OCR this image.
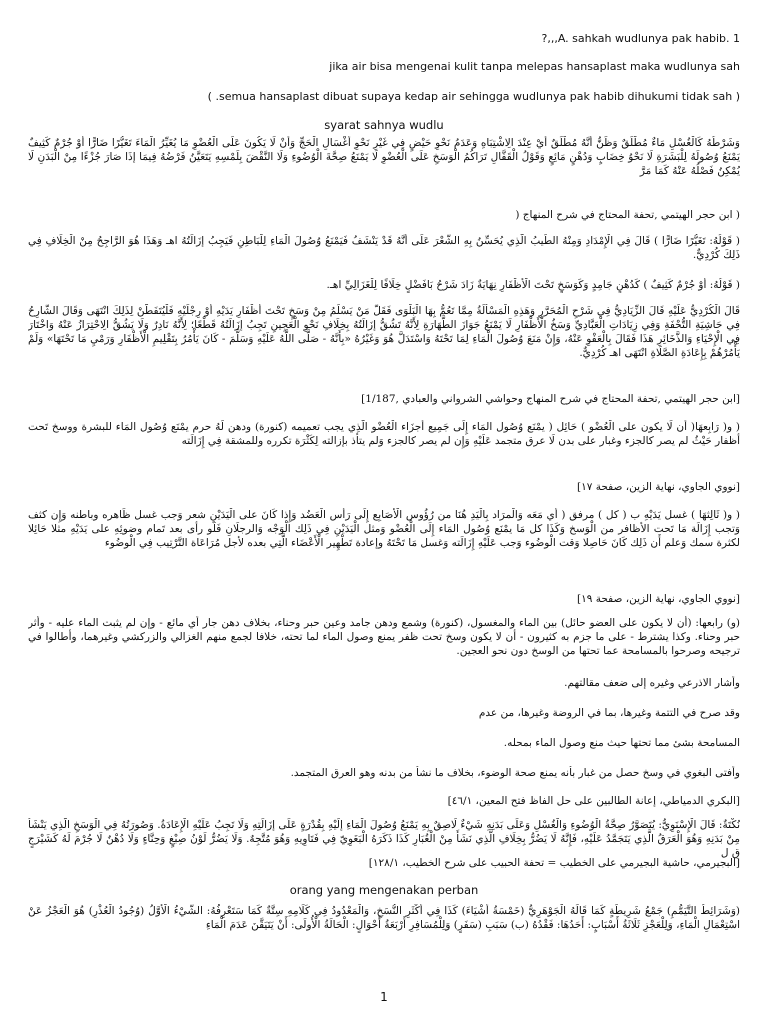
?,,,A. sahkah wudlunya pak habib. 1
jika air bisa mengenai kulit tanpa melepas hansaplast maka wudlunya sah
( .semua hansaplast dibuat supaya kedap air sehingga wudlunya pak habib dihukumi tidak sah )
syarat sahnya wudlu
وَشَرْطُهُ كَالْغُسْلِ مَاءٌ مُطْلَقٌ وَظَنُّ أَنَّهُ مُطْلَقٌ أَيْ عِنْدَ الِاشْتِبَاهِ وَعَدَمُ نَحْوِ حَيْضٍ فِي غَيْرِ نَحْوِ أَغْسَالِ الْحَجِّ وَأَنْ لَا يَكُونَ عَلَى الْعُضْوِ مَا يُغَيِّرُ الْمَاءَ تَغَيُّرًا ضَارًّا أَوْ جُرْمٌ كَثِيفٌ يَمْنَعُ وُصُولَهُ لِلْبَشَرَةِ لَا نَحْوُ خِضَابٍ وَدُهْنٍ مَائِعٍ وَقَوْلُ الْقَفَّالِ تَرَاكُمُ الْوَسَخِ عَلَى الْعُضْوِ لَا يَمْنَعُ صِحَّةَ الْوُضُوءِ وَلَا النَّقْضَ بِلَمْسِهِ يَتَعَيَّنُ فَرْضُهُ فِيمَا إذَا صَارَ جُزْءًا مِنْ الْبَدَنِ لَا يُمْكِنُ فَصْلُهُ عَنْهُ كَمَا مَرَّ
( ابن حجر الهيتمي ,تحفة المحتاج في شرح المنهاج (
( قَوْلُهُ: تَغَيُّرًا ضَارًّا ) قَالَ فِي الْإِمْدَادِ وَمِنْهُ الطِّيبُ الَّذِي يُحَسِّنُ بِهِ الشَّعْرَ عَلَى أَنَّهُ قَدْ يَنْشَفُ فَيَمْنَعُ وُصُولَ الْمَاءِ لِلْبَاطِنِ فَيَجِبُ إزَالَتُهُ اهـ وَهَذَا هُوَ الرَّاجِحُ مِنْ الْخِلَافِ فِي ذَلِكَ كُرْدِيٌّ.
( قَوْلُهُ: أَوْ جُرْمٌ كَثِيفٌ ) كَدُهْنٍ جَامِدٍ وَكَوَسَخٍ تَحْتَ الْأَظْفَارِ نِهَايَةٌ زَادَ شَرْحُ بَافَضْلٍ خِلَافًا لِلْغَزَالِيِّ اهـ.
قَالَ الْكُرْدِيُّ عَلَيْهِ قَالَ الزِّيَادِيُّ فِي شَرْحِ الْمُحَرَّرِ وَهَذِهِ الْمَسْأَلَةُ مِمَّا تَعُمُّ بِهَا الْبَلْوَى فَقَلَّ مَنْ يَسْلَمُ مِنْ وَسَخٍ تَحْتَ أَظْفَارِ يَدَيْهِ أَوْ رِجْلَيْهِ فَلْيُتَفَطَّنْ لِذَلِكَ انْتَهَى وَقَالَ الشَّارِحُ فِي حَاشِيَةِ التُّحْفَةِ وَفِي زِيَادَاتِ الْعَبَّادِيِّ وَسَخُ الْأَظْفَارِ لَا يَمْنَعُ جَوَازَ الطَّهَارَةِ لِأَنَّهُ تَشُقُّ إزَالَتُهُ بِخِلَافِ نَحْوِ الْعَجِينِ تَجِبُ إزَالَتُهُ قَطْعًا؛ لِأَنَّهُ نَادِرٌ وَلَا يَشُقُّ الِاحْتِرَازُ عَنْهُ وَاخْتَارَ فِي الْإِحْيَاءِ وَالذَّخَائِرِ هَذَا فَقَالَ بِالْعَفْوِ عَنْهُ، وَإِنْ مَنَعَ وُصُولَ الْمَاءِ لِمَا تَحْتَهُ وَاسْتَدَلَّ هُوَ وَغَيْرُهُ «بِأَنَّهُ - صَلَّى اللَّهُ عَلَيْهِ وَسَلَّمَ - كَانَ يَأْمُرُ بِتَقْلِيمِ الْأَظْفَارِ وَرَمْيِ مَا تَحْتَهَا» وَلَمْ يَأْمُرْهُمْ بِإِعَادَةِ الصَّلَاةِ انْتَهَى اهـ كُرْدِيٌّ.
[ابن حجر الهيتمي ,تحفة المحتاج في شرح المنهاج وحواشي الشرواني والعبادي ,1/187]
( و( رَابِعهَا( أَن لَا يكون على الْعُضْو ) حَائِل ( يمْنَع وُصُول المَاء إِلَى جَمِيع أَجزَاء الْعُضْو الَّذِي يجب تعميمه (كنورة) ودهن لَهُ حرم يمْنَع وُصُول المَاء للبشرة ووسخ تَحت أظفار حَيْثُ لم يصر كالجزء وغبار على بدن لَا عرق متجمد عَلَيْهِ وَإِن لم يصر كالجزء وَلم يتأذ بإزالته لِكَثْرَة تكرره وللمشقة فِي إِزَالَته
[نووي الجاوي، نهاية الزين، صفحة ١٧]
( و( ثَالِثهَا ) غسل يَدَيْهِ ب ( كل ) مرفق ( أَي مَعَه وَالْمرَاد بِالْيَدِ هُنَا من رُؤُوس الْأَصَابِع إِلَى رَأس الْعَضُد وَإِذا كَانَ على الْيَدَيْنِ شعر وَجب غسل ظَاهره وباطنه وَإِن كثف وَتجب إِزَالَة مَا تَحت الأظافر من الْوَسخ وَكَذَا كل مَا يمْنَع وُصُول المَاء إِلَى الْعُضْو وَمثل الْيَدَيْنِ فِي ذَلِك الْوَجْه وَالرجلَانِ فَلَو رأى بعد تَمام وضوئِهِ على يَدَيْهِ مثلا حَائِلا لكثرة سمك وَعلم أَن ذَلِك كَانَ حَاصِلا وَقت الْوضُوء وَجب عَلَيْهِ إِزَالَته وَغسل مَا تَحْتَهُ وإعادة تَطْهِير الْأَعْضَاء الَّتِي بعده لأجل مُرَاعَاة التَّرْتِيب فِي الْوضُوء
[نووي الجاوي، نهاية الزين، صفحة ١٩]
(و) رابعها: (أن لا يكون على العضو حائل) بين الماء والمغسول، (كنورة) وشمع ودهن جامد وعين حبر وحناء، بخلاف دهن جار أي مائع - وإن لم يثبت الماء عليه - وأثر حبر وحناء. وكذا يشترط - على ما جزم به كثيرون - أن لا يكون وسخ تحت ظفر يمنع وصول الماء لما تحته، خلافا لجمع منهم الغزالي والزركشي وغيرهما، وأطالوا في ترجيحه وصرحوا بالمسامحة عما تحتها من الوسخ دون نحو العجين.
وأشار الاذرعي وغيره إلى ضعف مقالتهم.
وقد صرح في التتمة وغيرها، بما في الروضة وغيرها، من عدم
المسامحة بشئ مما تحتها حيث منع وصول الماء بمحله.
وأفتى البغوي في وسخ حصل من غبار بأنه يمنع صحة الوضوء، بخلاف ما نشأ من بدنه وهو العرق المتجمد.
[البكري الدمياطي، إعانة الطالبين على حل الفاظ فتح المعين، ٤٦/١]
نُكْتَةٌ: قَالَ الْإِسْنَوِيُّ: يُتَصَوَّرُ صِحَّةُ الْوُضُوءِ وَالْغُسْلِ وَعَلَى بَدَنِهِ شَيْءٌ لَاصِقٌ بِهِ يَمْنَعُ وُصُولَ الْمَاءِ إلَيْهِ بِقُدْرَةٍ عَلَى إزَالَتِهِ وَلَا تَجِبُ عَلَيْهِ الْإِعَادَةُ. وَصُورَتُهُ فِي الْوَسَخِ الَّذِي يَنْشَأُ مِنْ بَدَنِهِ وَهُوَ الْعَرَقُ الَّذِي يَتَجَمَّدُ عَلَيْهِ، فَإِنَّهُ لَا يَضُرُّ بِخِلَافِ الَّذِي نَشَأَ مِنْ الْغُبَارِ كَذَا ذَكَرَهُ الْبَغَوِيّ فِي فَتَاوِيهِ وَهُوَ مُتَّجِهٌ. وَلَا يَضُرُّ لَوْنُ صِبْغٍ وَحِنَّاءٍ وَلَا دُهْنٌ لَا جُرْمَ لَهُ كَشَيْرَجٍ ق ل
[البجيرمي، حاشية البجيرمي على الخطيب = تحفة الحبيب على شرح الخطيب، ١٢٨/١]
orang yang mengenakan perban
(وَشَرَائِطُ التَّيَمُّمِ) جَمْعُ شَرِيطَةٍ كَمَا قَالَهُ الْجَوْهَرِيُّ (خَمْسَةُ أَشْيَاءَ) كَذَا فِي أَكْثَرِ النُّسَخِ، وَالْمَعْدُودُ فِي كَلَامِهِ سِتَّةٌ كَمَا سَتَعْرِفُهُ: الشَّيْءُ الْأَوَّلُ (وُجُودُ الْعُذْرِ) هُوَ الْعَجْزُ عَنْ اسْتِعْمَالِ الْمَاءِ، وَلِلْعَجْزِ ثَلَاثَةُ أَسْبَابٍ: أَحَدُهَا: فَقْدُهُ (ب) سَبَبِ (سَفَرٍ) وَلِلْمُسَافِرِ أَرْبَعَةُ أَحْوَالٍ: الْحَالَةُ الْأُولَى: أَنْ يَتَيَقَّنَ عَدَمَ الْمَاءِ
1
